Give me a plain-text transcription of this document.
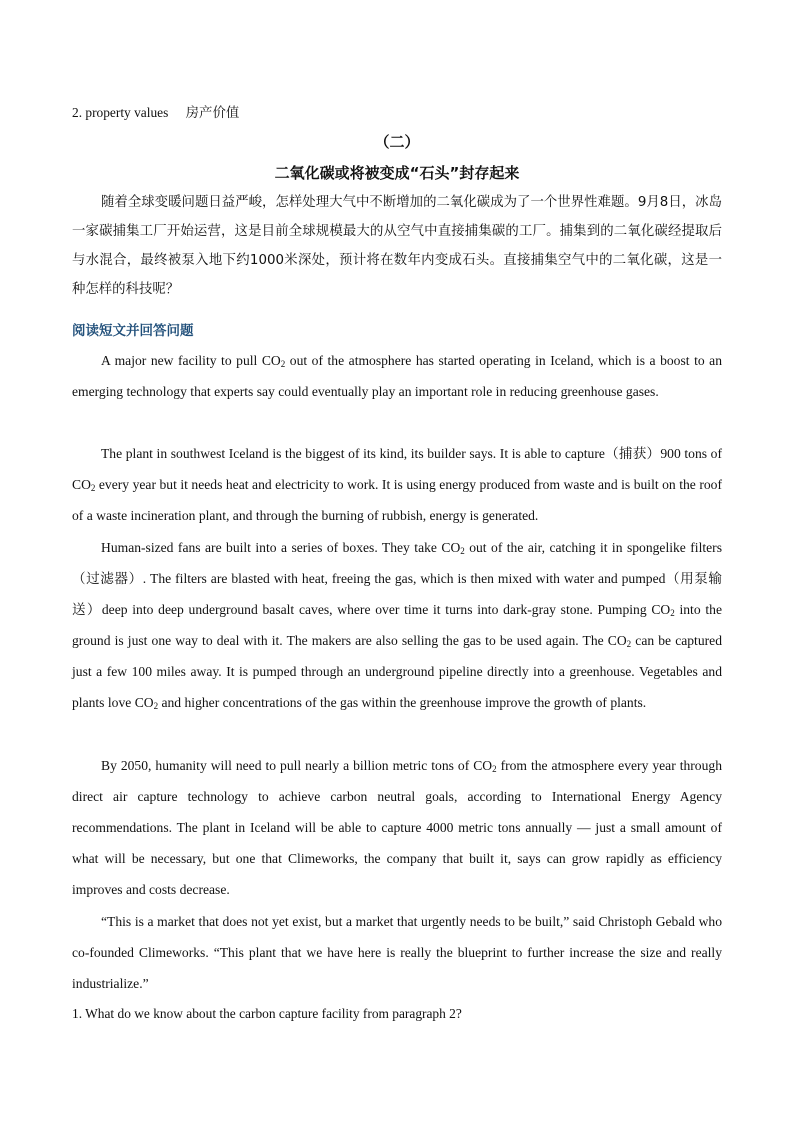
2. property values 房产价值
（二）
二氧化碳或将被变成“石头”封存起来
随着全球变暖问题日益严峻，怎样处理大气中不断增加的二氧化碳成为了一个世界性难题。9月8日，冰岛一家碳捕集工厂开始运营，这是目前全球规模最大的从空气中直接捕集碳的工厂。捕集到的二氧化碳经提取后与水混合，最终被泵入地下约1000米深处，预计将在数年内变成石头。直接捕集空气中的二氧化碳，这是一种怎样的科技呢？
阅读短文并回答问题
A major new facility to pull $CO_2$ out of the atmosphere has started operating in Iceland, which is a boost to an emerging technology that experts say could eventually play an important role in reducing greenhouse gases.
The plant in southwest Iceland is the biggest of its kind, its builder says. It is able to capture（捕获）900 tons of $CO_2$ every year but it needs heat and electricity to work. It is using energy produced from waste and is built on the roof of a waste incineration plant, and through the burning of rubbish, energy is generated.
Human-sized fans are built into a series of boxes. They take $CO_2$ out of the air, catching it in spongelike filters（过滤器）. The filters are blasted with heat, freeing the gas, which is then mixed with water and pumped（用泵输送）deep into deep underground basalt caves, where over time it turns into dark-gray stone. Pumping $CO_2$ into the ground is just one way to deal with it. The makers are also selling the gas to be used again. The $CO_2$ can be captured just a few 100 miles away. It is pumped through an underground pipeline directly into a greenhouse. Vegetables and plants love $CO_2$ and higher concentrations of the gas within the greenhouse improve the growth of plants.
By 2050, humanity will need to pull nearly a billion metric tons of $CO_2$ from the atmosphere every year through direct air capture technology to achieve carbon neutral goals, according to International Energy Agency recommendations. The plant in Iceland will be able to capture 4000 metric tons annually — just a small amount of what will be necessary, but one that Climeworks, the company that built it, says can grow rapidly as efficiency improves and costs decrease.
“This is a market that does not yet exist, but a market that urgently needs to be built,” said Christoph Gebald who co-founded Climeworks. “This plant that we have here is really the blueprint to further increase the size and really industrialize.”
1. What do we know about the carbon capture facility from paragraph 2?
